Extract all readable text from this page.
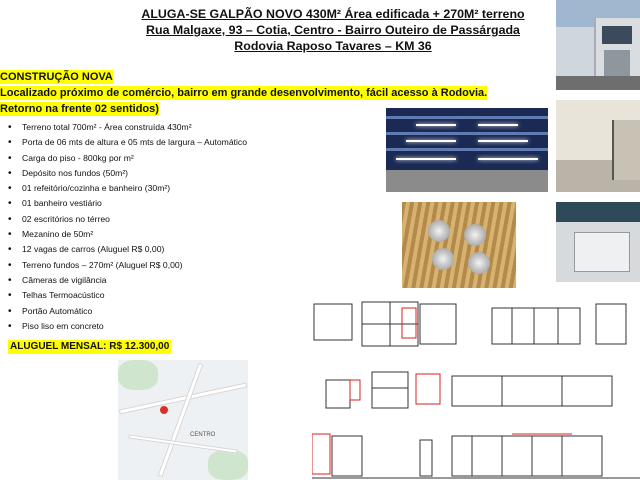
ALUGA-SE GALPÃO NOVO 430M² Área edificada + 270M² terreno
Rua Malgaxe, 93 – Cotia, Centro - Bairro Outeiro de Passárgada
Rodovia Raposo Tavares – KM 36
CONSTRUÇÃO NOVA
Localizado próximo de comércio, bairro em grande desenvolvimento, fácil acesso à Rodovia.
Retorno na frente 02 sentidos)
• Terreno total 700m² - Área construída 430m²
• Porta de 06 mts de altura e 05 mts de largura – Automático
• Carga do piso - 800kg por m²
• Depósito nos fundos (50m²)
• 01 refeitório/cozinha e banheiro (30m²)
• 01 banheiro vestiário
• 02 escritórios no térreo
• Mezanino de 50m²
• 12 vagas de carros (Aluguel R$ 0,00)
• Terreno fundos – 270m² (Aluguel R$ 0,00)
• Câmeras de vigilância
• Telhas Termoacústico
• Portão Automático
• Piso liso em concreto
ALUGUEL MENSAL: R$ 12.300,00
CENTRO
